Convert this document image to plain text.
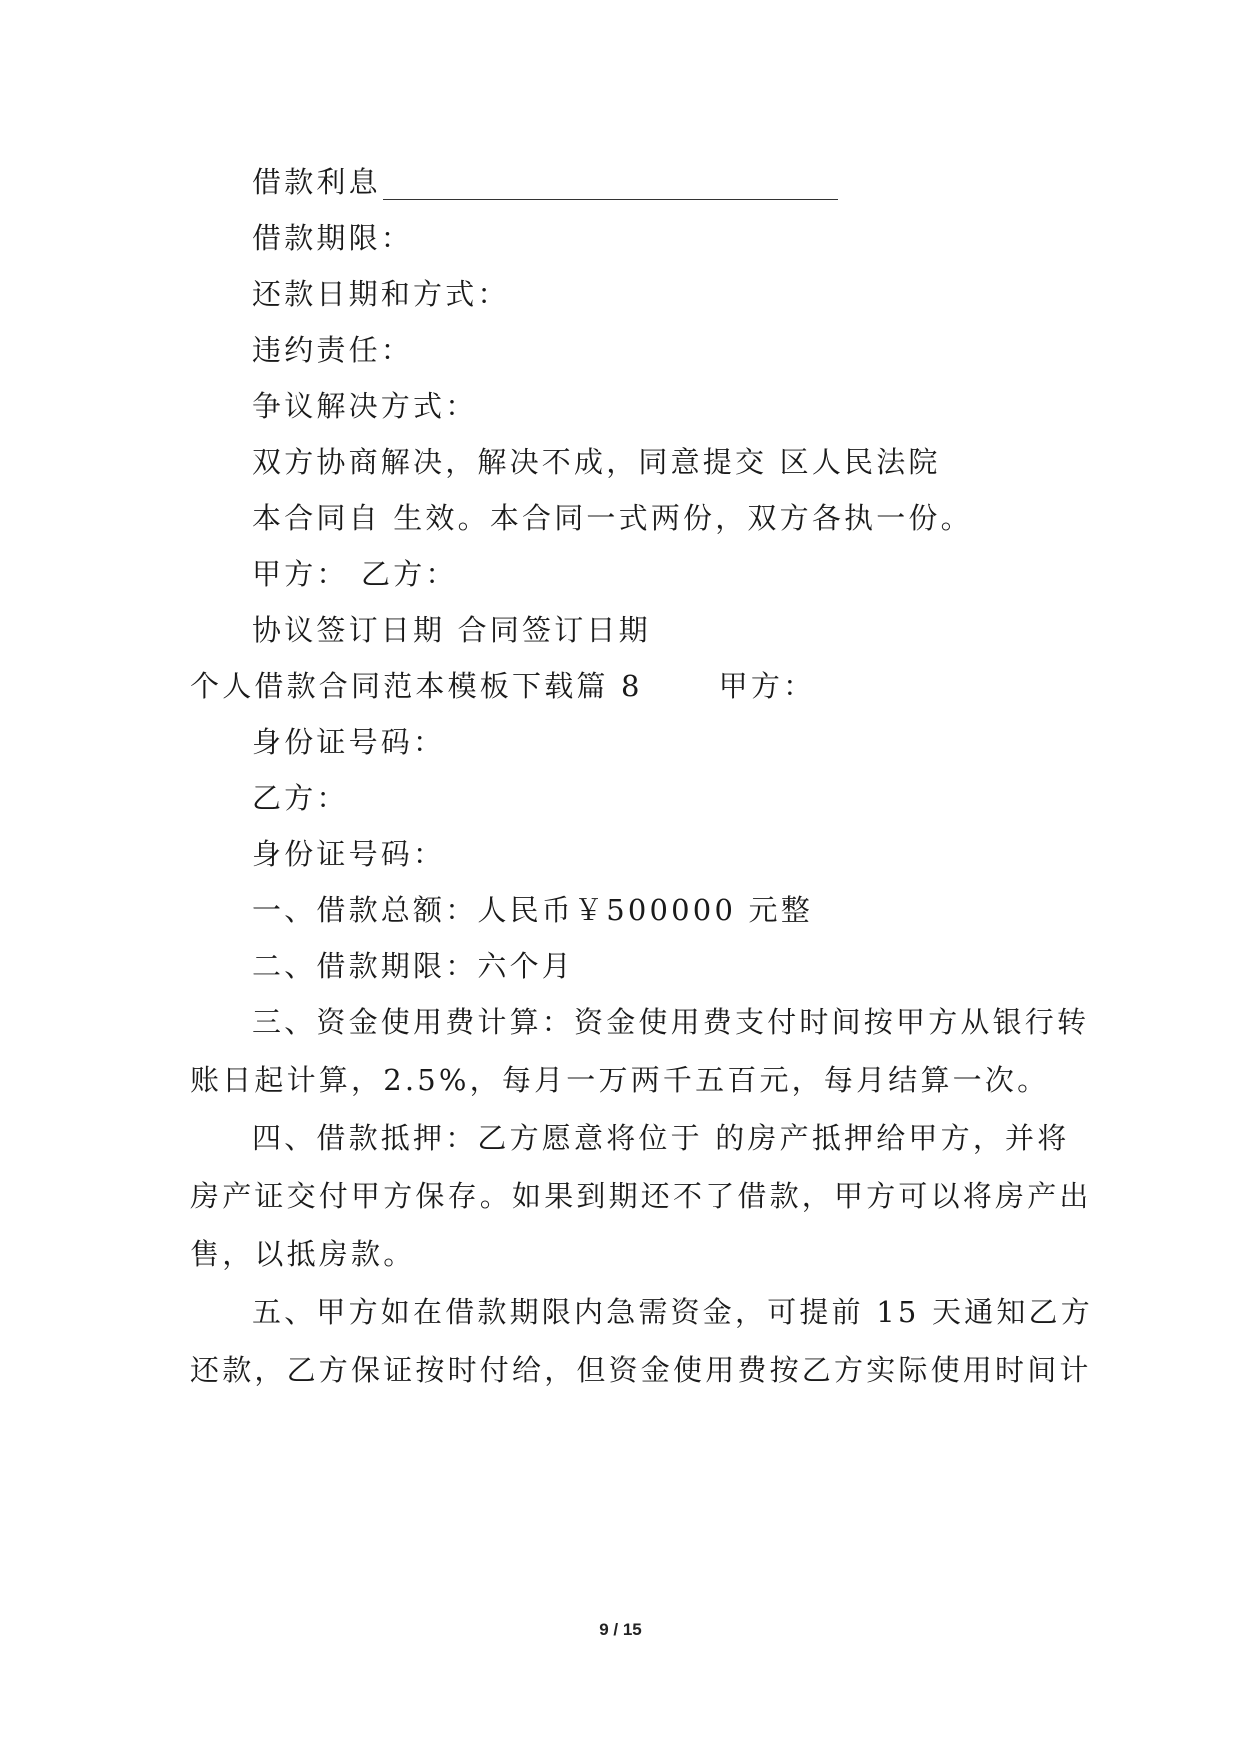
借款利息
借款期限：
还款日期和方式：
违约责任：
争议解决方式：
双方协商解决，解决不成，同意提交 区人民法院
本合同自 生效。本合同一式两份，双方各执一份。
甲方： 乙方：
协议签订日期 合同签订日期
个人借款合同范本模板下载篇 8	甲方：
身份证号码：
乙方：
身份证号码：
一、借款总额：人民币￥500000 元整
二、借款期限：六个月
三、资金使用费计算：资金使用费支付时间按甲方从银行转
账日起计算，2.5%，每月一万两千五百元，每月结算一次。
四、借款抵押：乙方愿意将位于 的房产抵押给甲方，并将
房产证交付甲方保存。如果到期还不了借款，甲方可以将房产出
售，以抵房款。
五、甲方如在借款期限内急需资金，可提前 15 天通知乙方
还款，乙方保证按时付给，但资金使用费按乙方实际使用时间计
9 / 15
